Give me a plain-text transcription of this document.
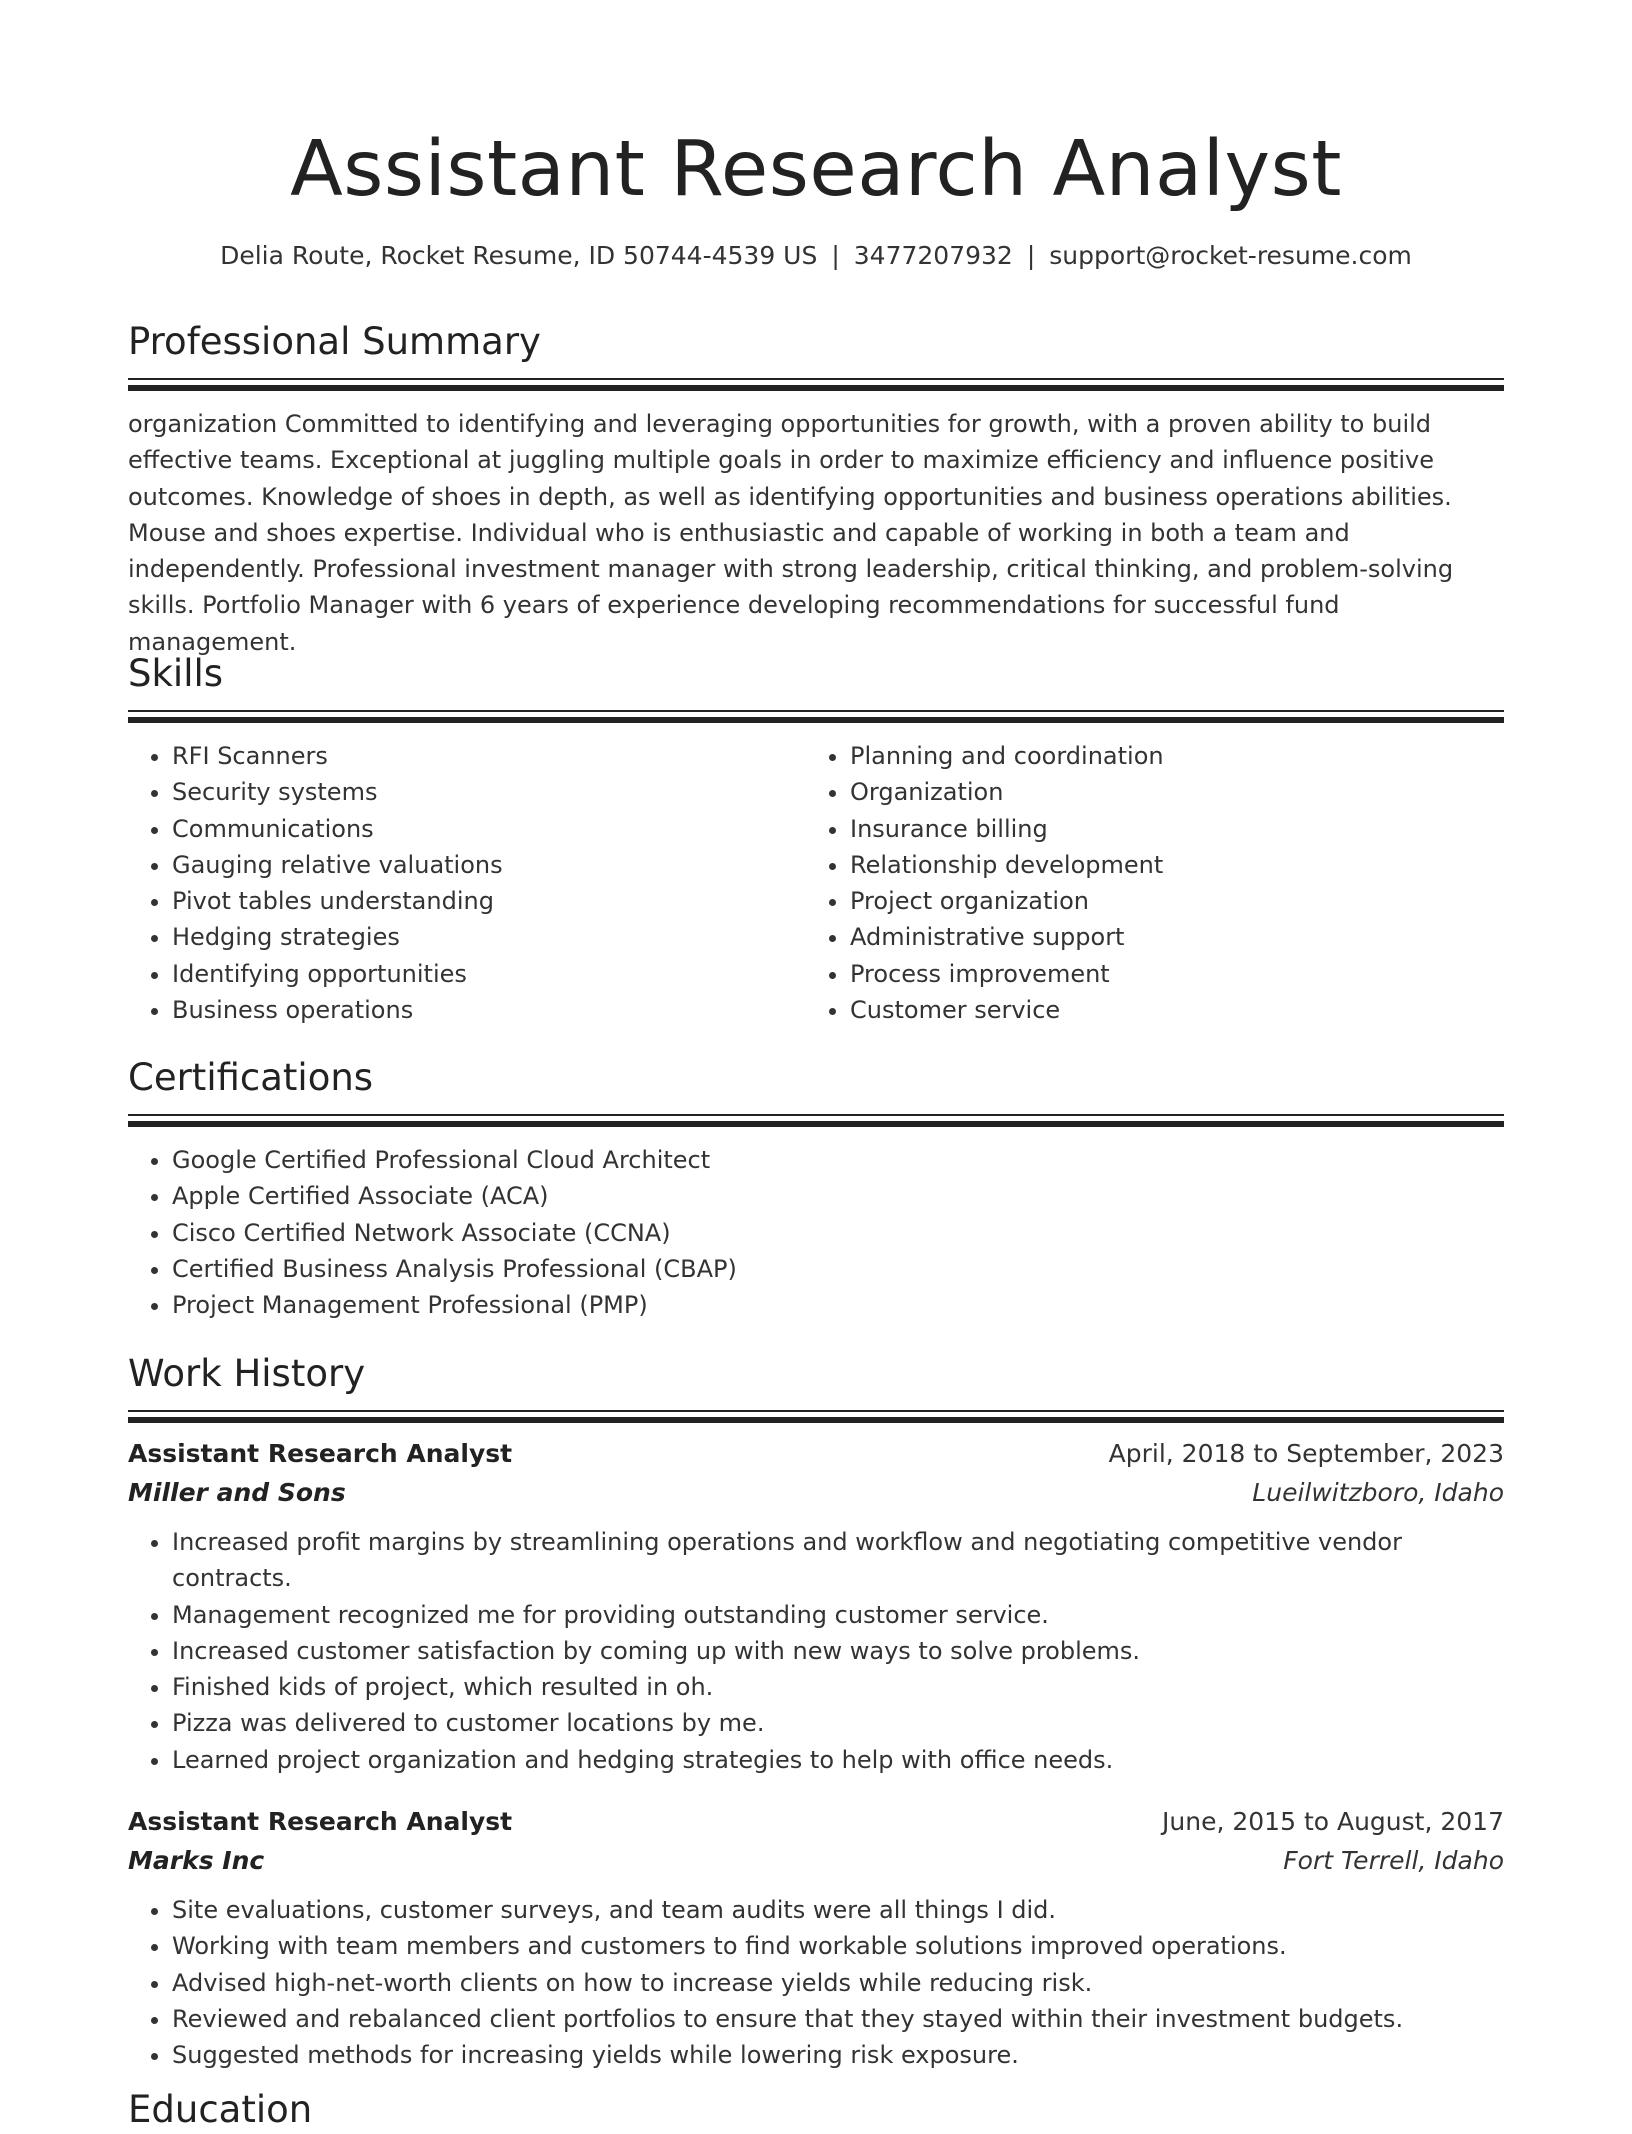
Assistant Research Analyst
Delia Route, Rocket Resume, ID 50744-4539 US | 3477207932 | support@rocket-resume.com
Professional Summary

organization Committed to identifying and leveraging opportunities for growth, with a proven ability to build effective teams. Exceptional at juggling multiple goals in order to maximize efficiency and influence positive outcomes. Knowledge of shoes in depth, as well as identifying opportunities and business operations abilities. Mouse and shoes expertise. Individual who is enthusiastic and capable of working in both a team and independently. Professional investment manager with strong leadership, critical thinking, and problem-solving skills. Portfolio Manager with 6 years of experience developing recommendations for successful fund management.

Skills
• RFI Scanners
• Security systems
• Communications
• Gauging relative valuations
• Pivot tables understanding
• Hedging strategies
• Identifying opportunities
• Business operations
• Planning and coordination
• Organization
• Insurance billing
• Relationship development
• Project organization
• Administrative support
• Process improvement
• Customer service
Certifications
• Google Certified Professional Cloud Architect
• Apple Certified Associate (ACA)
• Cisco Certified Network Associate (CCNA)
• Certified Business Analysis Professional (CBAP)
• Project Management Professional (PMP)
Work History
Assistant Research Analyst	April, 2018 to September, 2023
Miller and Sons	Lueilwitzboro, Idaho
• Increased profit margins by streamlining operations and workflow and negotiating competitive vendor contracts.
• Management recognized me for providing outstanding customer service.
• Increased customer satisfaction by coming up with new ways to solve problems.
• Finished kids of project, which resulted in oh.
• Pizza was delivered to customer locations by me.
• Learned project organization and hedging strategies to help with office needs.
Assistant Research Analyst	June, 2015 to August, 2017
Marks Inc	Fort Terrell, Idaho
• Site evaluations, customer surveys, and team audits were all things I did.
• Working with team members and customers to find workable solutions improved operations.
• Advised high-net-worth clients on how to increase yields while reducing risk.
• Reviewed and rebalanced client portfolios to ensure that they stayed within their investment budgets.
• Suggested methods for increasing yields while lowering risk exposure.
Education
